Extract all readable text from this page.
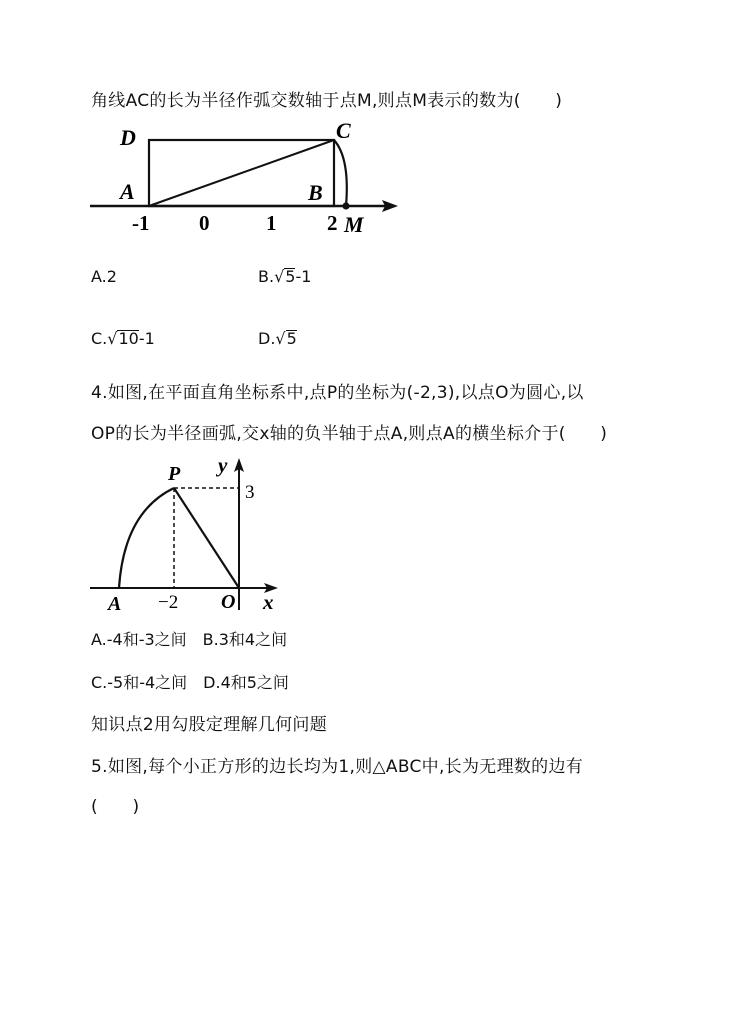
角线AC的长为半径作弧交数轴于点M,则点M表示的数为(　　)
D	C
A	B
M
-1 0	1 2
A.2	B.√5-1
C.√10-1	D.√5
4.如图,在平面直角坐标系中,点P的坐标为(-2,3),以点O为圆心,以
OP的长为半径画弧,交x轴的负半轴于点A,则点A的横坐标介于(　　)
P y
3
A −2 O x
A.-4和-3之间　B.3和4之间
C.-5和-4之间　D.4和5之间
知识点2用勾股定理解几何问题
5.如图,每个小正方形的边长均为1,则△ABC中,长为无理数的边有
(　　)
